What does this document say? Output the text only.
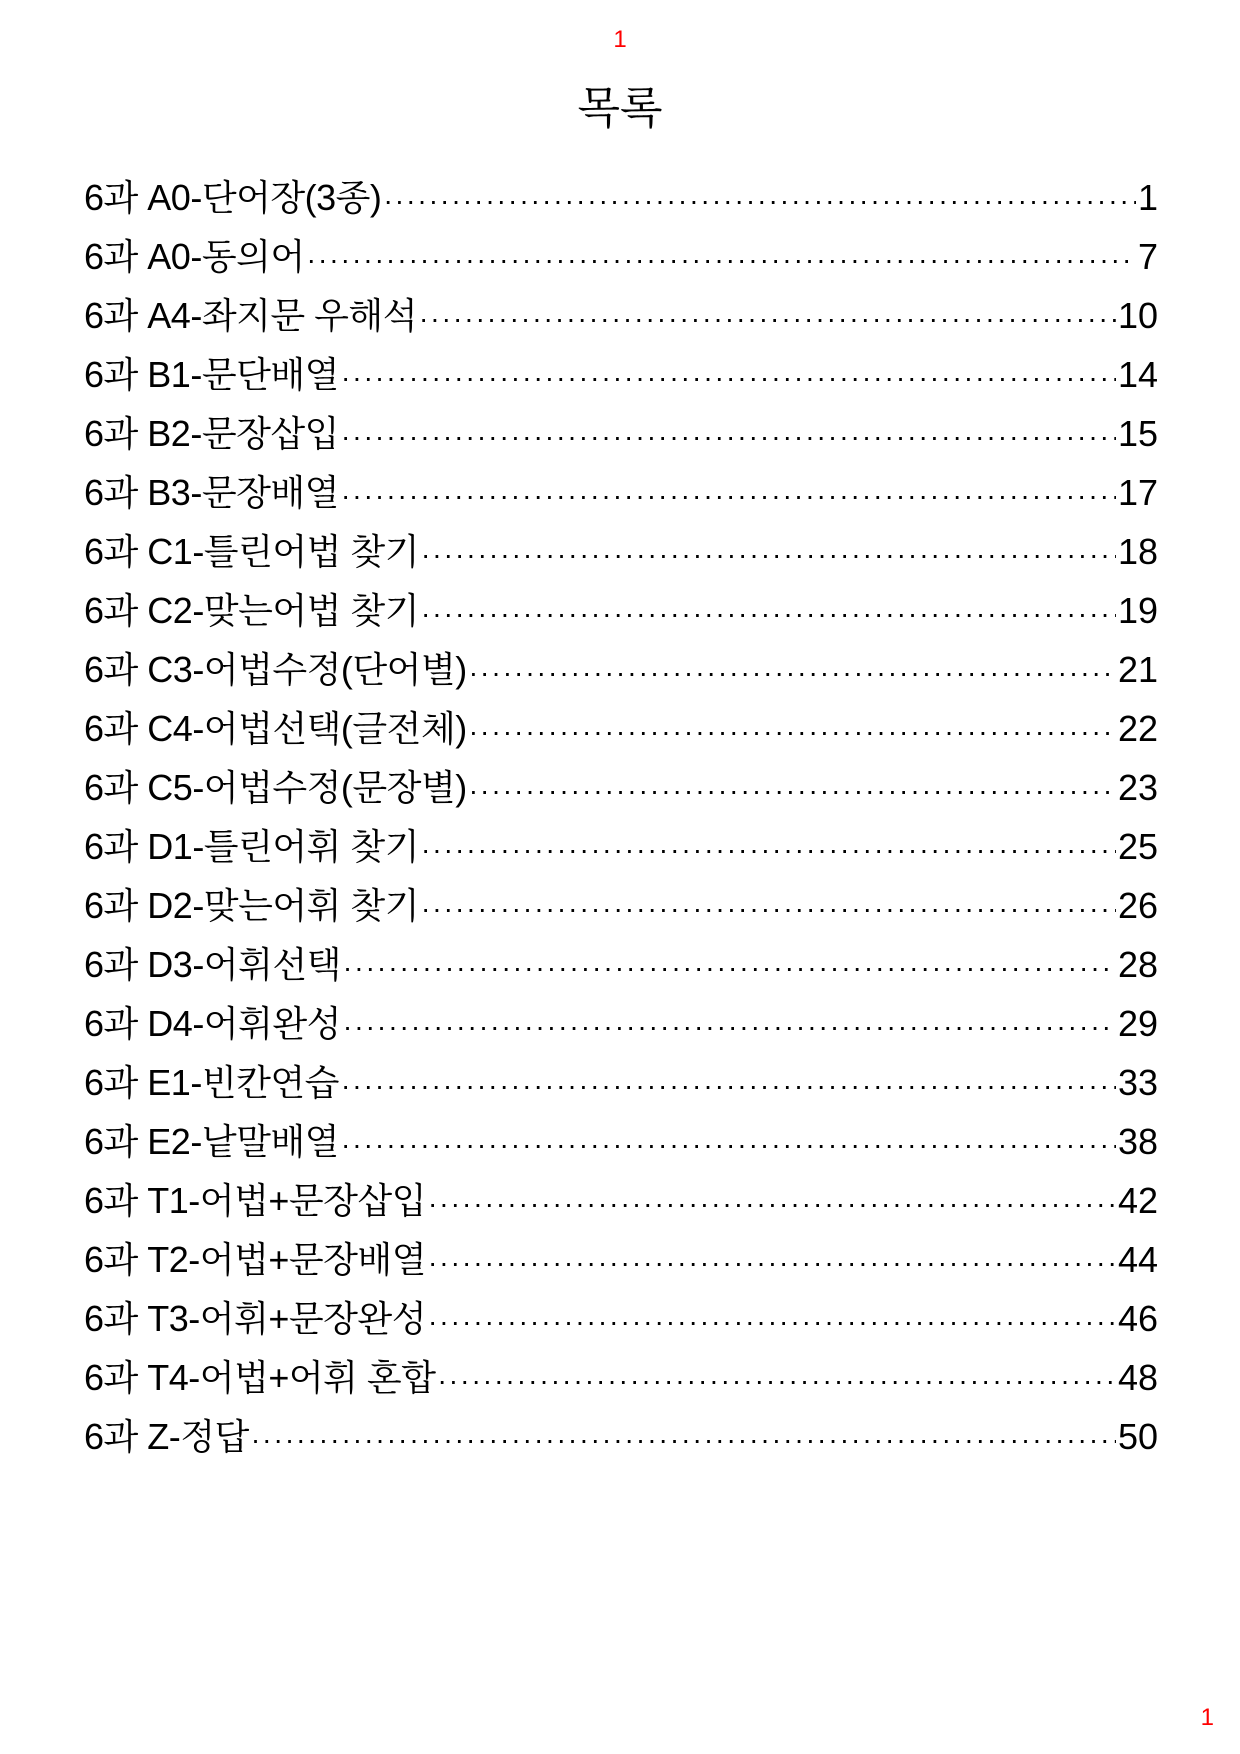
1
목록
6과 A0-단어장(3종) ·····	1
6과 A0-동의어 ·····	7
6과 A4-좌지문 우해석 ·····	10
6과 B1-문단배열 ·····	14
6과 B2-문장삽입 ·····	15
6과 B3-문장배열 ·····	17
6과 C1-틀린어법 찾기 ·····	18
6과 C2-맞는어법 찾기 ·····	19
6과 C3-어법수정(단어별) ·····	21
6과 C4-어법선택(글전체) ·····	22
6과 C5-어법수정(문장별) ·····	23
6과 D1-틀린어휘 찾기 ·····	25
6과 D2-맞는어휘 찾기 ·····	26
6과 D3-어휘선택 ·····	28
6과 D4-어휘완성 ·····	29
6과 E1-빈칸연습 ·····	33
6과 E2-낱말배열 ·····	38
6과 T1-어법+문장삽입 ·····	42
6과 T2-어법+문장배열 ·····	44
6과 T3-어휘+문장완성 ·····	46
6과 T4-어법+어휘 혼합 ·····	48
6과 Z-정답 ·····	50
1
